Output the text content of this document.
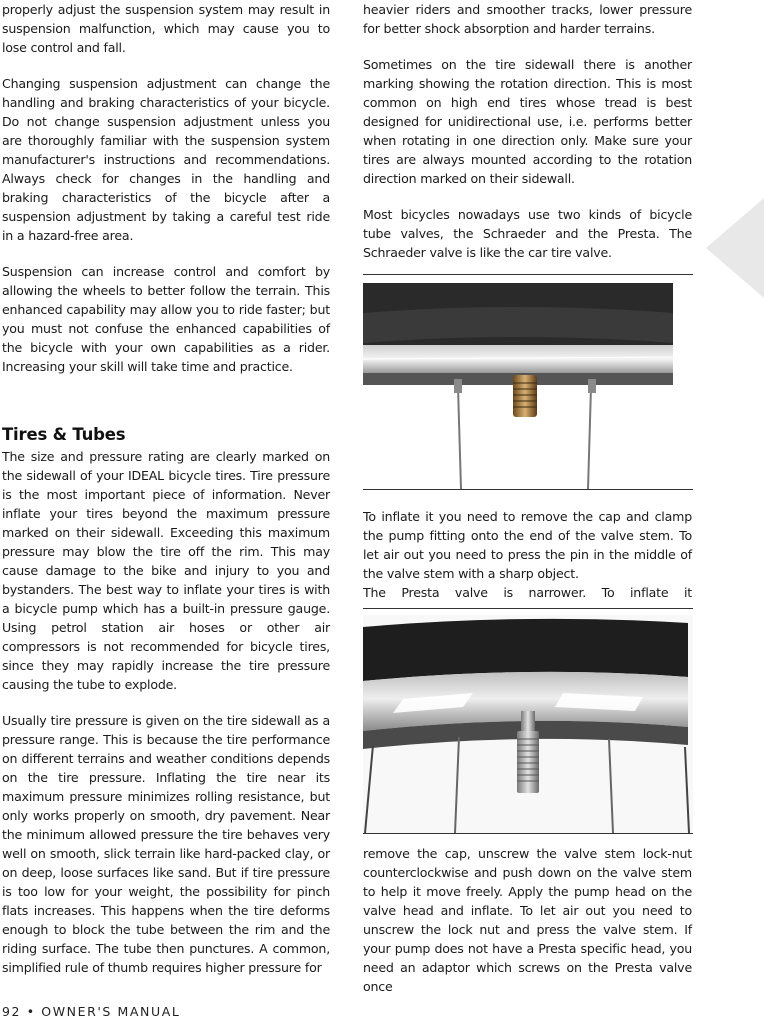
properly adjust the suspension system may result in suspension malfunction, which may cause you to lose control and fall.

Changing suspension adjustment can change the handling and braking characteristics of your bicycle. Do not change suspension adjustment unless you are thoroughly familiar with the suspension system manufacturer's instructions and recommendations. Always check for changes in the handling and braking characteristics of the bicycle after a suspension adjustment by taking a careful test ride in a hazard-free area.

Suspension can increase control and comfort by allowing the wheels to better follow the terrain. This enhanced capability may allow you to ride faster; but you must not confuse the enhanced capabilities of the bicycle with your own capabilities as a rider. Increasing your skill will take time and practice.

Tires & Tubes

The size and pressure rating are clearly marked on the sidewall of your IDEAL bicycle tires. Tire pressure is the most important piece of information. Never inflate your tires beyond the maximum pressure marked on their sidewall. Exceeding this maximum pressure may blow the tire off the rim. This may cause damage to the bike and injury to you and bystanders. The best way to inflate your tires is with a bicycle pump which has a built-in pressure gauge. Using petrol station air hoses or other air compressors is not recommended for bicycle tires, since they may rapidly increase the tire pressure causing the tube to explode.

Usually tire pressure is given on the tire sidewall as a pressure range. This is because the tire performance on different terrains and weather conditions depends on the tire pressure. Inflating the tire near its maximum pressure minimizes rolling resistance, but only works properly on smooth, dry pavement. Near the minimum allowed pressure the tire behaves very well on smooth, slick terrain like hard-packed clay, or on deep, loose surfaces like sand. But if tire pressure is too low for your weight, the possibility for pinch flats increases. This happens when the tire deforms enough to block the tube between the rim and the riding surface. The tube then punctures. A common, simplified rule of thumb requires higher pressure for

heavier riders and smoother tracks, lower pressure for better shock absorption and harder terrains.

Sometimes on the tire sidewall there is another marking showing the rotation direction. This is most common on high end tires whose tread is best designed for unidirectional use, i.e. performs better when rotating in one direction only. Make sure your tires are always mounted according to the rotation direction marked on their sidewall.

Most bicycles nowadays use two kinds of bicycle tube valves, the Schraeder and the Presta. The Schraeder valve is like the car tire valve.

To inflate it you need to remove the cap and clamp the pump fitting onto the end of the valve stem. To let air out you need to press the pin in the middle of the valve stem with a sharp object.

The Presta valve is narrower. To inflate it

remove the cap, unscrew the valve stem lock-nut counterclockwise and push down on the valve stem to help it move freely. Apply the pump head on the valve head and inflate. To let air out you need to unscrew the lock nut and press the valve stem. If your pump does not have a Presta specific head, you need an adaptor which screws on the Presta valve once

92 • OWNER'S MANUAL
